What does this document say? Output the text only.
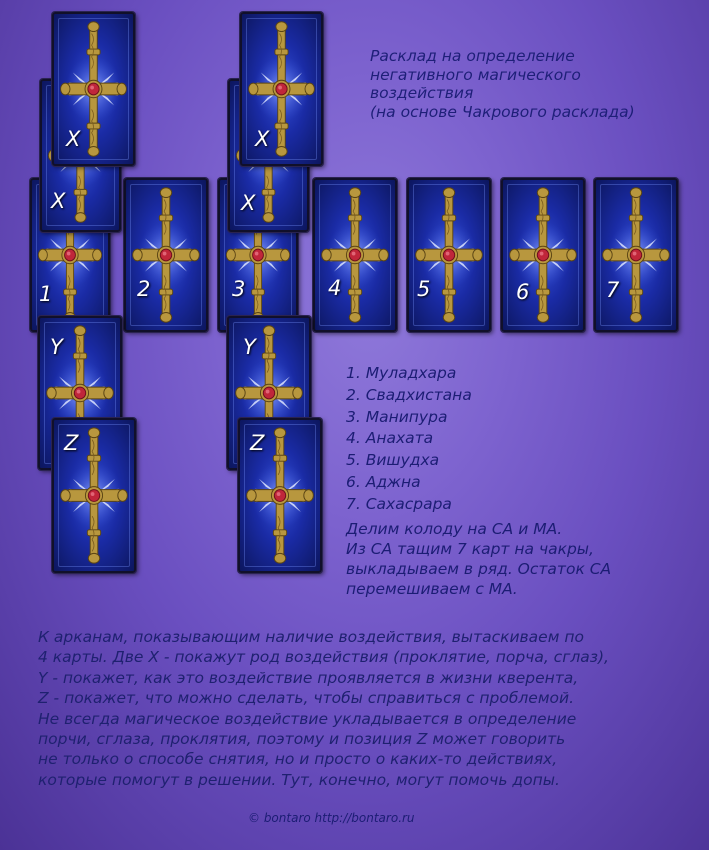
1
X
X
Y
Z
2	3
X
X
Y
Z
4	5	6	7
Расклад на определение
негативного магического
воздействия
(на основе Чакрового расклада)
1. Муладхара
2. Свадхистана
3. Манипура
4. Анахата
5. Вишудха
6. Аджна
7. Сахасрара
Делим колоду на СА и МА.
Из СА тащим 7 карт на чакры,
выкладываем в ряд. Остаток СА
перемешиваем с МА.
К арканам, показывающим наличие воздействия, вытаскиваем по
4 карты. Две X - покажут род воздействия (проклятие, порча, сглаз),
Y - покажет, как это воздействие проявляется в жизни кверента,
Z - покажет, что можно сделать, чтобы справиться с проблемой.
Не всегда магическое воздействие укладывается в определение
порчи, сглаза, проклятия, поэтому и позиция Z может говорить
не только о способе снятия, но и просто о каких-то действиях,
которые помогут в решении. Тут, конечно, могут помочь допы.
© bontaro http://bontaro.ru
